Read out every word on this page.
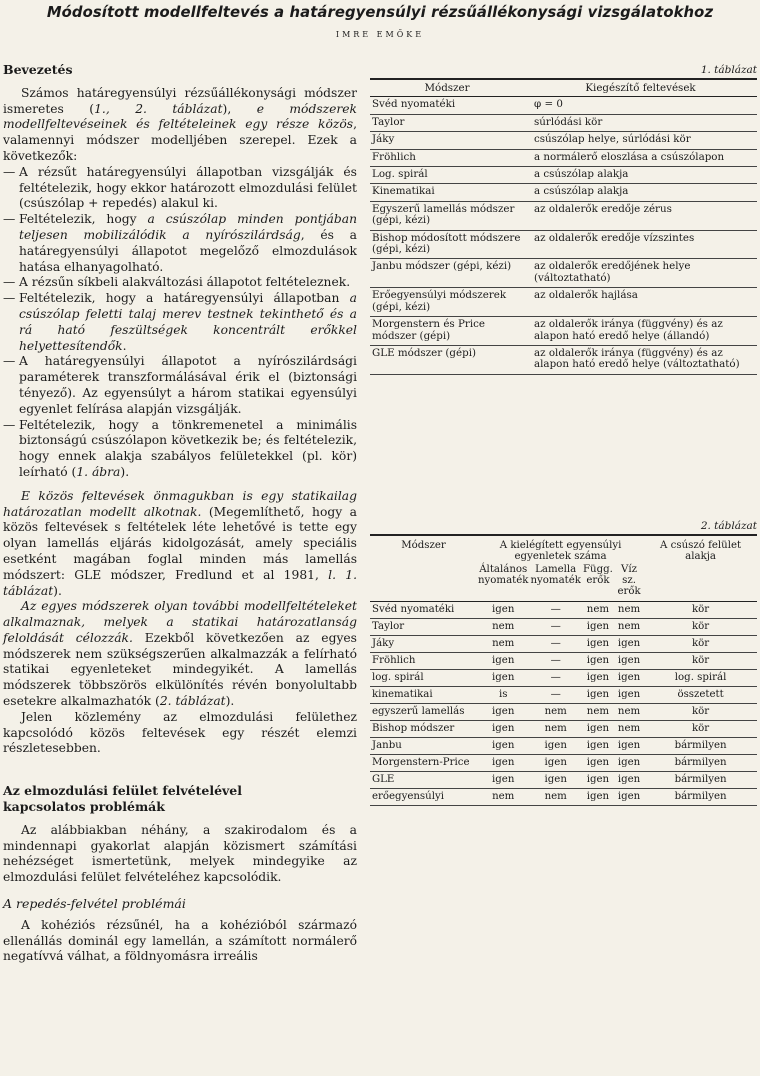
Módosított modellfeltevés a határegyensúlyi rézsűállékonysági vizsgálatokhoz
IMRE EMŐKE

Bevezetés

Számos határegyensúlyi rézsűállékonysági módszer ismeretes (1., 2. táblázat), e módszerek modellfeltevéseinek és feltételeinek egy része közös, valamennyi módszer modelljében szerepel. Ezek a következők:

— A rézsűt határegyensúlyi állapotban vizsgálják és feltételezik, hogy ekkor határozott elmozdulási felület (csúszólap + repedés) alakul ki.
— Feltételezik, hogy a csúszólap minden pontjában teljesen mobilizálódik a nyírószilárdság, és a határegyensúlyi állapotot megelőző elmozdulások hatása elhanyagolható.
— A rézsűn síkbeli alakváltozási állapotot feltételeznek.
— Feltételezik, hogy a határegyensúlyi állapotban a csúszólap feletti talaj merev testnek tekinthető és a rá ható feszültségek koncentrált erőkkel helyettesítendők.
— A határegyensúlyi állapotot a nyírószilárdsági paraméterek transzformálásával érik el (biztonsági tényező). Az egyensúlyt a három statikai egyensúlyi egyenlet felírása alapján vizsgálják.
— Feltételezik, hogy a tönkremenetel a minimális biztonságú csúszólapon következik be; és feltételezik, hogy ennek alakja szabályos felületekkel (pl. kör) leírható (1. ábra).

E közös feltevések önmagukban is egy statikailag határozatlan modellt alkotnak. (Megemlíthető, hogy a közös feltevések s feltételek léte lehetővé is tette egy olyan lamellás eljárás kidolgozását, amely speciális esetként magában foglal minden más lamellás módszert: GLE módszer, Fredlund et al 1981, l. 1. táblázat).

Az egyes módszerek olyan további modellfeltételeket alkalmaznak, melyek a statikai határozatlanság feloldását célozzák. Ezekből következően az egyes módszerek nem szükségszerűen alkalmazzák a felírható statikai egyenleteket mindegyikét. A lamellás módszerek többszörös elkülönítés révén bonyolultabb esetekre alkalmazhatók (2. táblázat).

Jelen közlemény az elmozdulási felülethez kapcsolódó közös feltevések egy részét elemzi részletesebben.

Az elmozdulási felület felvételével
kapcsolatos problémák

Az alábbiakban néhány, a szakirodalom és a mindennapi gyakorlat alapján közismert számítási nehézséget ismertetünk, melyek mindegyike az elmozdulási felület felvételéhez kapcsolódik.

A repedés-felvétel problémái

A kohéziós rézsűnél, ha a kohézióból származó ellenállás dominál egy lamellán, a számított normálerő negatívvá válhat, a földnyomásra irreális

1. táblázat
Módszer	Kiegészítő feltevések
Svéd nyomatéki	φ = 0
Taylor	súrlódási kör
Jáky	csúszólap helye, súrlódási kör
Fröhlich	a normálerő eloszlása a csúszólapon
Log. spirál	a csúszólap alakja
Kinematikai	a csúszólap alakja
Egyszerű lamellás módszer (gépi, kézi)	az oldalerők eredője zérus
Bishop módosított módszere (gépi, kézi)	az oldalerők eredője vízszintes
Janbu módszer (gépi, kézi)	az oldalerők eredőjének helye (változtatható)
Erőegyensúlyi módszerek (gépi, kézi)	az oldalerők hajlása
Morgenstern és Price módszer (gépi)	az oldalerők iránya (függvény) és az alapon ható eredő helye (állandó)
GLE módszer (gépi)	az oldalerők iránya (függvény) és az alapon ható eredő helye (változtatható)
2. táblázat
Módszer	A kielégített egyensúlyi egyenletek száma				A csúszó felület alakja
	Általános nyomaték	Lamella nyomaték	Függ. erők	Víz sz. erők	
Svéd nyomatéki	igen	—	nem	nem	kör
Taylor	nem	—	igen	nem	kör
Jáky	nem	—	igen	igen	kör
Fröhlich	igen	—	igen	igen	kör
log. spirál	igen	—	igen	igen	log. spirál
kinematikai	is	—	igen	igen	összetett
egyszerű lamellás	igen	nem	nem	nem	kör
Bishop módszer	igen	nem	igen	nem	kör
Janbu	igen	igen	igen	igen	bármilyen
Morgenstern-Price	igen	igen	igen	igen	bármilyen
GLE	igen	igen	igen	igen	bármilyen
erőegyensúlyi	nem	nem	igen	igen	bármilyen
